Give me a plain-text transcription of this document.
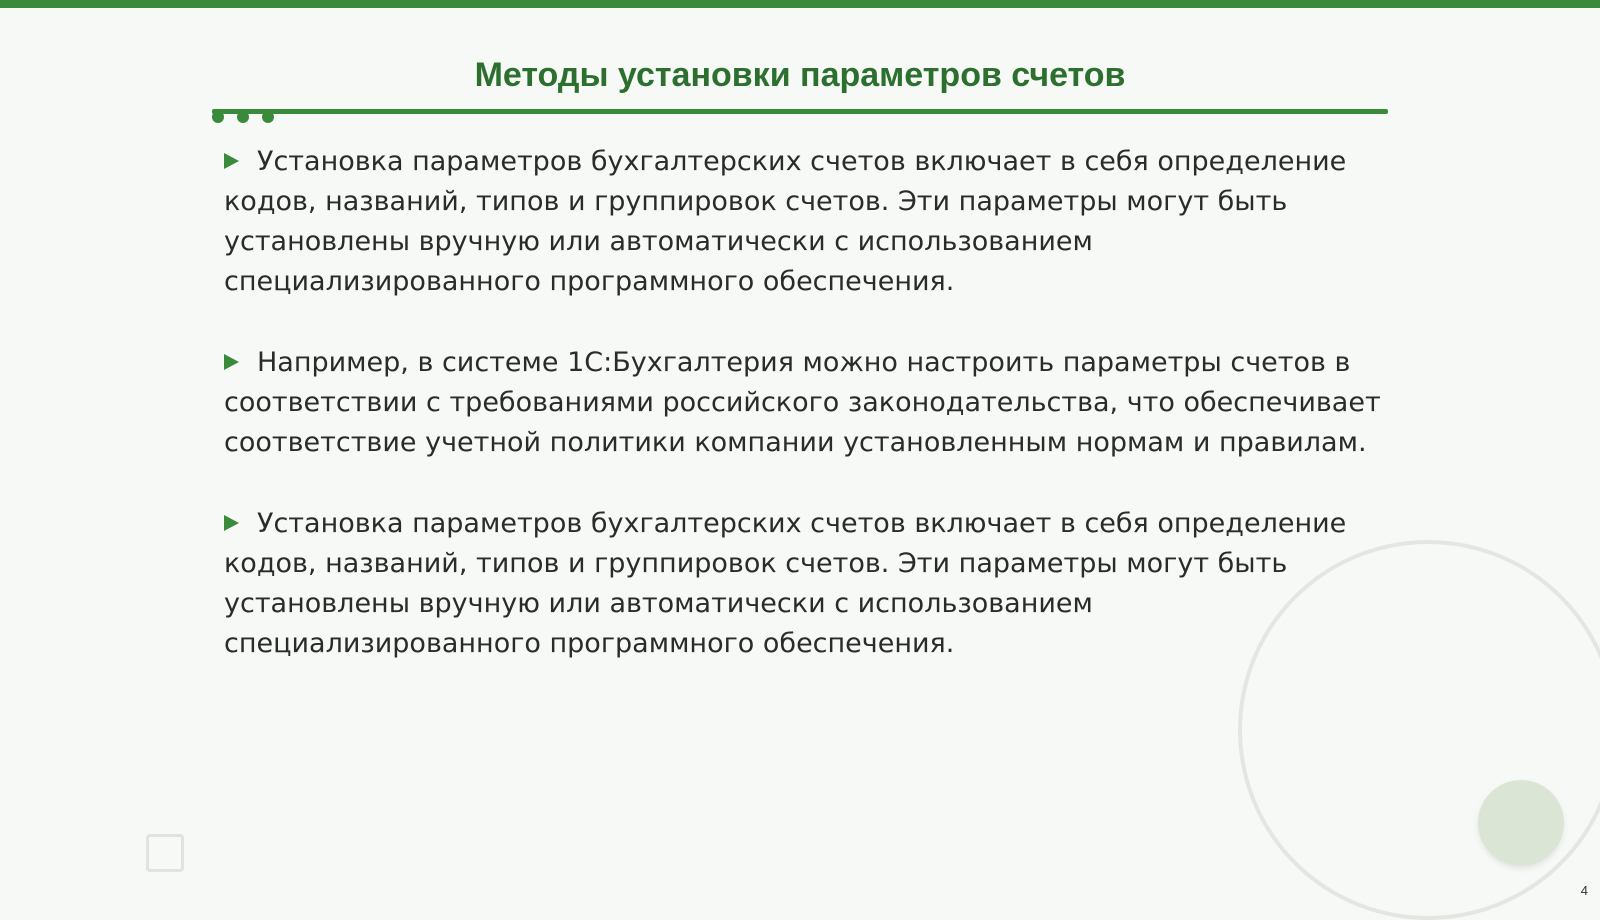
Методы установки параметров счетов
Установка параметров бухгалтерских счетов включает в себя определение кодов, названий, типов и группировок счетов. Эти параметры могут быть установлены вручную или автоматически с использованием специализированного программного обеспечения.
Например, в системе 1С:Бухгалтерия можно настроить параметры счетов в соответствии с требованиями российского законодательства, что обеспечивает соответствие учетной политики компании установленным нормам и правилам.
Установка параметров бухгалтерских счетов включает в себя определение кодов, названий, типов и группировок счетов. Эти параметры могут быть установлены вручную или автоматически с использованием специализированного программного обеспечения.
4
